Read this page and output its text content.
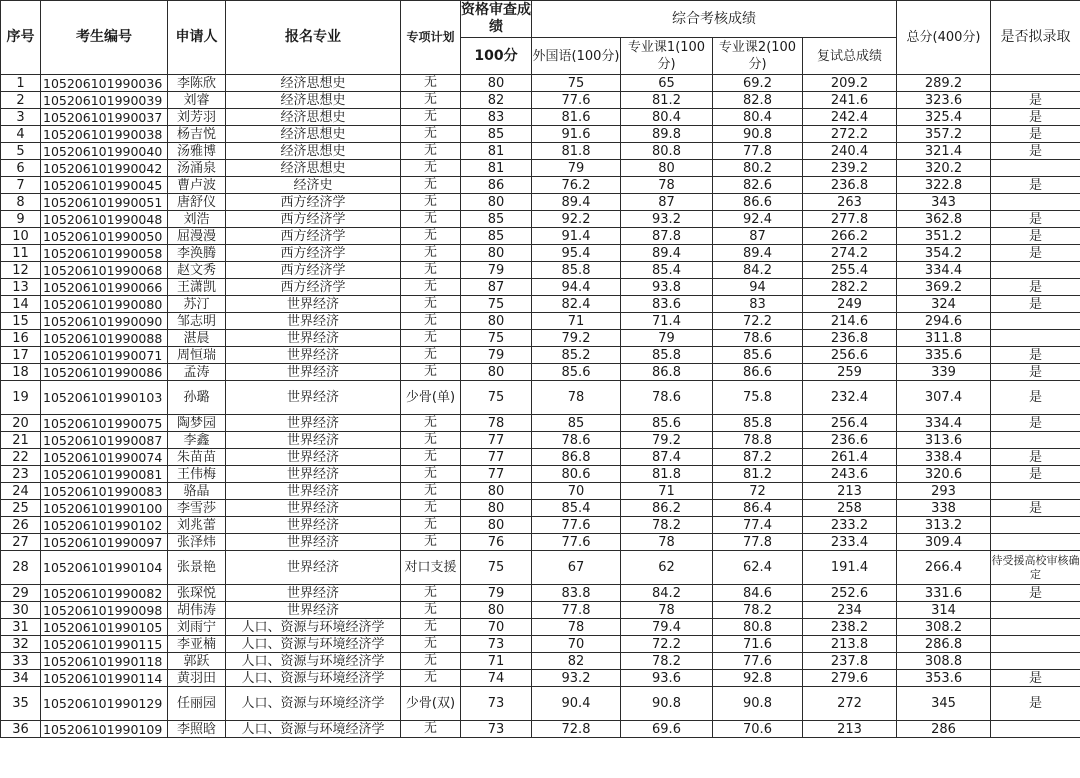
序号	考生编号	申请人	报名专业	专项计划	资格审查成绩	综合考核成绩				总分(400分)	是否拟录取
					100分	外国语(100分)	专业课1(100分)	专业课2(100分)	复试总成绩		
1	105206101990036	李陈欣	经济思想史	无	80	75	65	69.2	209.2	289.2	
2	105206101990039	刘睿	经济思想史	无	82	77.6	81.2	82.8	241.6	323.6	是
3	105206101990037	刘芳羽	经济思想史	无	83	81.6	80.4	80.4	242.4	325.4	是
4	105206101990038	杨吉悦	经济思想史	无	85	91.6	89.8	90.8	272.2	357.2	是
5	105206101990040	汤雅博	经济思想史	无	81	81.8	80.8	77.8	240.4	321.4	是
6	105206101990042	汤涌泉	经济思想史	无	81	79	80	80.2	239.2	320.2	
7	105206101990045	曹卢波	经济史	无	86	76.2	78	82.6	236.8	322.8	是
8	105206101990051	唐舒仪	西方经济学	无	80	89.4	87	86.6	263	343	
9	105206101990048	刘浩	西方经济学	无	85	92.2	93.2	92.4	277.8	362.8	是
10	105206101990050	屈漫漫	西方经济学	无	85	91.4	87.8	87	266.2	351.2	是
11	105206101990058	李涣腾	西方经济学	无	80	95.4	89.4	89.4	274.2	354.2	是
12	105206101990068	赵文秀	西方经济学	无	79	85.8	85.4	84.2	255.4	334.4	
13	105206101990066	王潇凯	西方经济学	无	87	94.4	93.8	94	282.2	369.2	是
14	105206101990080	苏汀	世界经济	无	75	82.4	83.6	83	249	324	是
15	105206101990090	邹志明	世界经济	无	80	71	71.4	72.2	214.6	294.6	
16	105206101990088	湛晨	世界经济	无	75	79.2	79	78.6	236.8	311.8	
17	105206101990071	周恒瑞	世界经济	无	79	85.2	85.8	85.6	256.6	335.6	是
18	105206101990086	孟涛	世界经济	无	80	85.6	86.8	86.6	259	339	是
19	105206101990103	孙璐	世界经济	少骨(单)	75	78	78.6	75.8	232.4	307.4	是
20	105206101990075	陶梦园	世界经济	无	78	85	85.6	85.8	256.4	334.4	是
21	105206101990087	李鑫	世界经济	无	77	78.6	79.2	78.8	236.6	313.6	
22	105206101990074	朱苗苗	世界经济	无	77	86.8	87.4	87.2	261.4	338.4	是
23	105206101990081	王伟梅	世界经济	无	77	80.6	81.8	81.2	243.6	320.6	是
24	105206101990083	骆晶	世界经济	无	80	70	71	72	213	293	
25	105206101990100	李雪莎	世界经济	无	80	85.4	86.2	86.4	258	338	是
26	105206101990102	刘兆蕾	世界经济	无	80	77.6	78.2	77.4	233.2	313.2	
27	105206101990097	张泽炜	世界经济	无	76	77.6	78	77.8	233.4	309.4	
28	105206101990104	张景艳	世界经济	对口支援	75	67	62	62.4	191.4	266.4	待受援高校审核确定
29	105206101990082	张琛悦	世界经济	无	79	83.8	84.2	84.6	252.6	331.6	是
30	105206101990098	胡伟涛	世界经济	无	80	77.8	78	78.2	234	314	
31	105206101990105	刘雨宁	人口、资源与环境经济学	无	70	78	79.4	80.8	238.2	308.2	
32	105206101990115	李亚楠	人口、资源与环境经济学	无	73	70	72.2	71.6	213.8	286.8	
33	105206101990118	郭跃	人口、资源与环境经济学	无	71	82	78.2	77.6	237.8	308.8	
34	105206101990114	黄羽田	人口、资源与环境经济学	无	74	93.2	93.6	92.8	279.6	353.6	是
35	105206101990129	任丽园	人口、资源与环境经济学	少骨(双)	73	90.4	90.8	90.8	272	345	是
36	105206101990109	李照晗	人口、资源与环境经济学	无	73	72.8	69.6	70.6	213	286	
